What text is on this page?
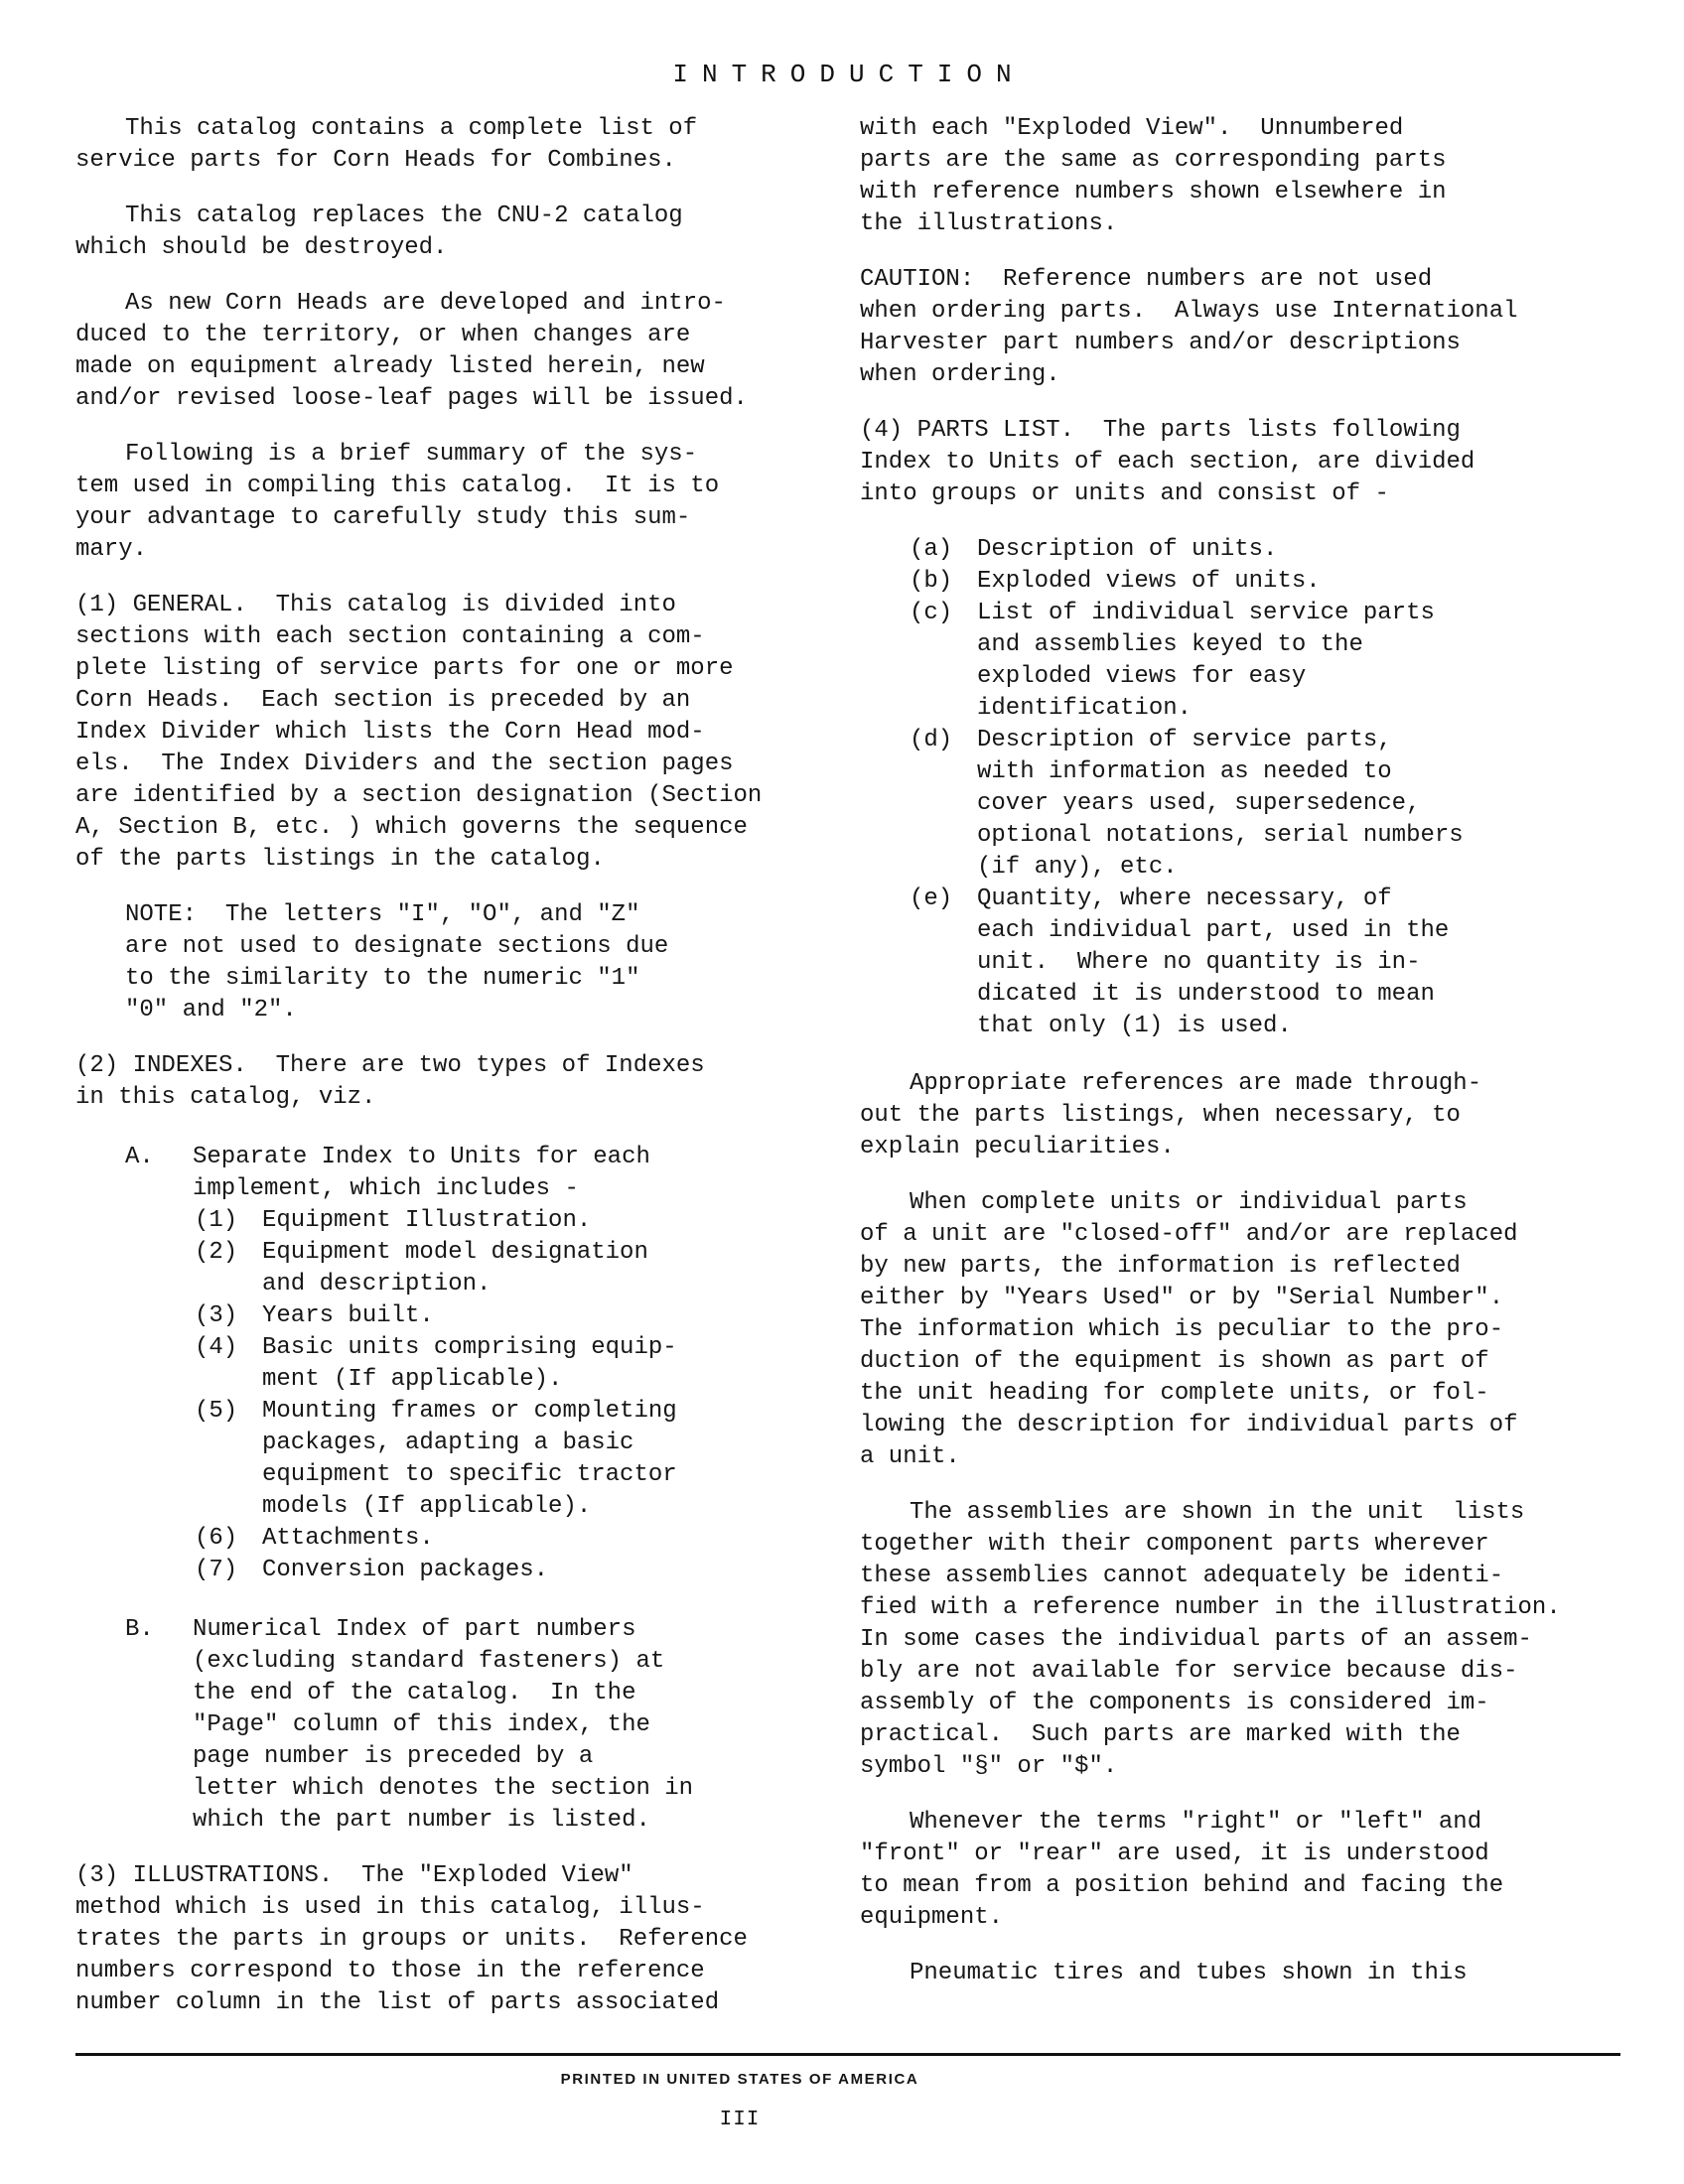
INTRODUCTION
This catalog contains a complete list of
service parts for Corn Heads for Combines.
This catalog replaces the CNU-2 catalog
which should be destroyed.
As new Corn Heads are developed and intro-
duced to the territory, or when changes are
made on equipment already listed herein, new
and/or revised loose-leaf pages will be issued.
Following is a brief summary of the sys-
tem used in compiling this catalog.  It is to
your advantage to carefully study this sum-
mary.
(1) GENERAL.  This catalog is divided into
sections with each section containing a com-
plete listing of service parts for one or more
Corn Heads.  Each section is preceded by an
Index Divider which lists the Corn Head mod-
els.  The Index Dividers and the section pages
are identified by a section designation (Section
A, Section B, etc. ) which governs the sequence
of the parts listings in the catalog.
NOTE:  The letters "I", "O", and "Z"
are not used to designate sections due
to the similarity to the numeric "1"
"0" and "2".
(2) INDEXES.  There are two types of Indexes
in this catalog, viz.
A.	Separate Index to Units for each
implement, which includes -
(1)	Equipment Illustration.
(2)	Equipment model designation
and description.
(3)	Years built.
(4)	Basic units comprising equip-
ment (If applicable).
(5)	Mounting frames or completing
packages, adapting a basic
equipment to specific tractor
models (If applicable).
(6)	Attachments.
(7)	Conversion packages.
B.	Numerical Index of part numbers
(excluding standard fasteners) at
the end of the catalog.  In the
"Page" column of this index, the
page number is preceded by a
letter which denotes the section in
which the part number is listed.
(3) ILLUSTRATIONS.  The "Exploded View"
method which is used in this catalog, illus-
trates the parts in groups or units.  Reference
numbers correspond to those in the reference
number column in the list of parts associated
with each "Exploded View".  Unnumbered
parts are the same as corresponding parts
with reference numbers shown elsewhere in
the illustrations.
CAUTION:  Reference numbers are not used
when ordering parts.  Always use International
Harvester part numbers and/or descriptions
when ordering.
(4) PARTS LIST.  The parts lists following
Index to Units of each section, are divided
into groups or units and consist of -
(a)	Description of units.
(b)	Exploded views of units.
(c)	List of individual service parts
and assemblies keyed to the
exploded views for easy
identification.
(d)	Description of service parts,
with information as needed to
cover years used, supersedence,
optional notations, serial numbers
(if any), etc.
(e)	Quantity, where necessary, of
each individual part, used in the
unit.  Where no quantity is in-
dicated it is understood to mean
that only (1) is used.
Appropriate references are made through-
out the parts listings, when necessary, to
explain peculiarities.
When complete units or individual parts
of a unit are "closed-off" and/or are replaced
by new parts, the information is reflected
either by "Years Used" or by "Serial Number".
The information which is peculiar to the pro-
duction of the equipment is shown as part of
the unit heading for complete units, or fol-
lowing the description for individual parts of
a unit.
The assemblies are shown in the unit  lists
together with their component parts wherever
these assemblies cannot adequately be identi-
fied with a reference number in the illustration.
In some cases the individual parts of an assem-
bly are not available for service because dis-
assembly of the components is considered im-
practical.  Such parts are marked with the
symbol "§" or "$".
Whenever the terms "right" or "left" and
"front" or "rear" are used, it is understood
to mean from a position behind and facing the
equipment.
Pneumatic tires and tubes shown in this
PRINTED IN UNITED STATES OF AMERICA
III
